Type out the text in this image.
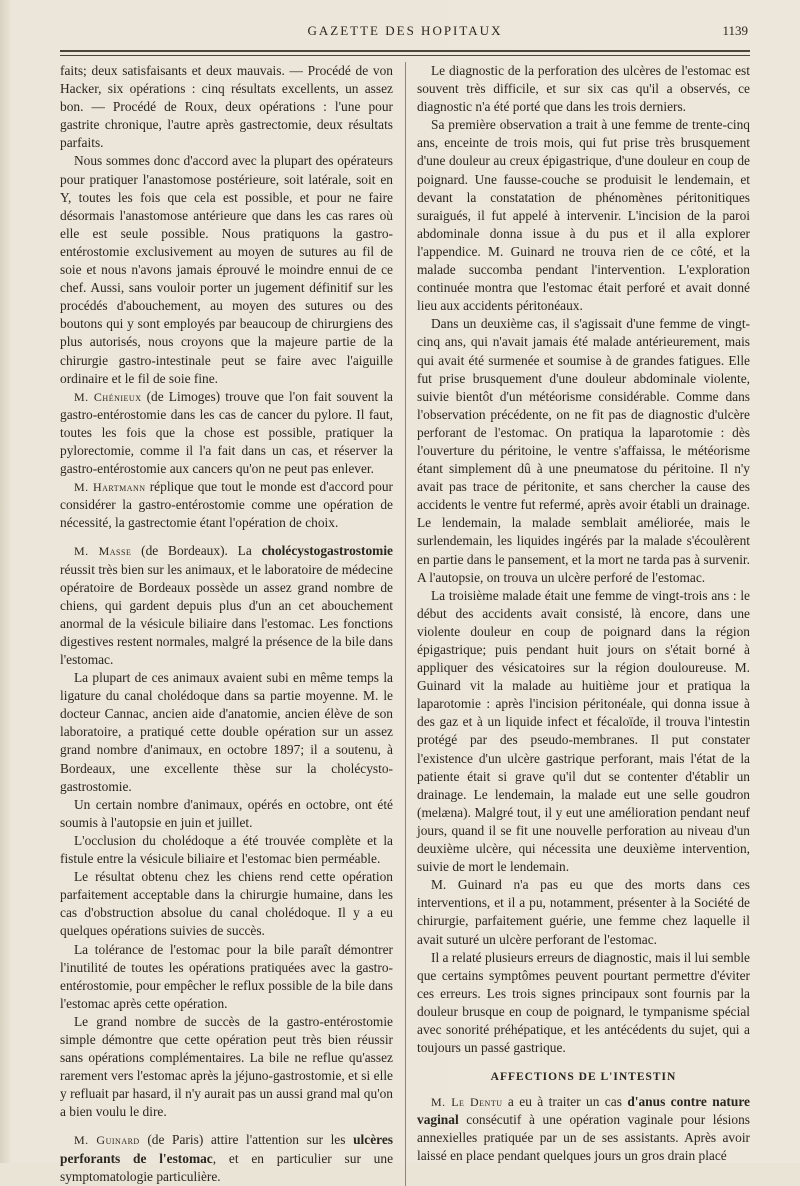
GAZETTE DES HOPITAUX	1139

faits; deux satisfaisants et deux mauvais. — Procédé de von Hacker, six opérations : cinq résultats excellents, un assez bon. — Procédé de Roux, deux opérations : l'une pour gastrite chronique, l'autre après gastrectomie, deux résultats parfaits.

Nous sommes donc d'accord avec la plupart des opérateurs pour pratiquer l'anastomose postérieure, soit latérale, soit en Y, toutes les fois que cela est possible, et pour ne faire désormais l'anastomose antérieure que dans les cas rares où elle est seule possible. Nous pratiquons la gastro-entérostomie exclusivement au moyen de sutures au fil de soie et nous n'avons jamais éprouvé le moindre ennui de ce chef. Aussi, sans vouloir porter un jugement définitif sur les procédés d'abouchement, au moyen des sutures ou des boutons qui y sont employés par beaucoup de chirurgiens des plus autorisés, nous croyons que la majeure partie de la chirurgie gastro-intestinale peut se faire avec l'aiguille ordinaire et le fil de soie fine.

M. Chénieux (de Limoges) trouve que l'on fait souvent la gastro-entérostomie dans les cas de cancer du pylore. Il faut, toutes les fois que la chose est possible, pratiquer la pylorectomie, comme il l'a fait dans un cas, et réserver la gastro-entérostomie aux cancers qu'on ne peut pas enlever.

M. Hartmann réplique que tout le monde est d'accord pour considérer la gastro-entérostomie comme une opération de nécessité, la gastrectomie étant l'opération de choix.

M. Masse (de Bordeaux). La cholécystogastrostomie réussit très bien sur les animaux, et le laboratoire de médecine opératoire de Bordeaux possède un assez grand nombre de chiens, qui gardent depuis plus d'un an cet abouchement anormal de la vésicule biliaire dans l'estomac. Les fonctions digestives restent normales, malgré la présence de la bile dans l'estomac.

La plupart de ces animaux avaient subi en même temps la ligature du canal cholédoque dans sa partie moyenne. M. le docteur Cannac, ancien aide d'anatomie, ancien élève de son laboratoire, a pratiqué cette double opération sur un assez grand nombre d'animaux, en octobre 1897; il a soutenu, à Bordeaux, une excellente thèse sur la cholécysto-gastrostomie.

Un certain nombre d'animaux, opérés en octobre, ont été soumis à l'autopsie en juin et juillet.

L'occlusion du cholédoque a été trouvée complète et la fistule entre la vésicule biliaire et l'estomac bien perméable.

Le résultat obtenu chez les chiens rend cette opération parfaitement acceptable dans la chirurgie humaine, dans les cas d'obstruction absolue du canal cholédoque. Il y a eu quelques opérations suivies de succès.

La tolérance de l'estomac pour la bile paraît démontrer l'inutilité de toutes les opérations pratiquées avec la gastro-entérostomie, pour empêcher le reflux possible de la bile dans l'estomac après cette opération.

Le grand nombre de succès de la gastro-entérostomie simple démontre que cette opération peut très bien réussir sans opérations complémentaires. La bile ne reflue qu'assez rarement vers l'estomac après la jéjuno-gastrostomie, et si elle y refluait par hasard, il n'y aurait pas un aussi grand mal qu'on a bien voulu le dire.

M. Guinard (de Paris) attire l'attention sur les ulcères perforants de l'estomac, et en particulier sur une symptomatologie particulière.

Le diagnostic de la perforation des ulcères de l'estomac est souvent très difficile, et sur six cas qu'il a observés, ce diagnostic n'a été porté que dans les trois derniers.

Sa première observation a trait à une femme de trente-cinq ans, enceinte de trois mois, qui fut prise très brusquement d'une douleur au creux épigastrique, d'une douleur en coup de poignard. Une fausse-couche se produisit le lendemain, et devant la constatation de phénomènes péritonitiques suraigués, il fut appelé à intervenir. L'incision de la paroi abdominale donna issue à du pus et il alla explorer l'appendice. M. Guinard ne trouva rien de ce côté, et la malade succomba pendant l'intervention. L'exploration continuée montra que l'estomac était perforé et avait donné lieu aux accidents péritonéaux.

Dans un deuxième cas, il s'agissait d'une femme de vingt-cinq ans, qui n'avait jamais été malade antérieurement, mais qui avait été surmenée et soumise à de grandes fatigues. Elle fut prise brusquement d'une douleur abdominale violente, suivie bientôt d'un météorisme considérable. Comme dans l'observation précédente, on ne fit pas de diagnostic d'ulcère perforant de l'estomac. On pratiqua la laparotomie : dès l'ouverture du péritoine, le ventre s'affaissa, le météorisme étant simplement dû à une pneumatose du péritoine. Il n'y avait pas trace de péritonite, et sans chercher la cause des accidents le ventre fut refermé, après avoir établi un drainage. Le lendemain, la malade semblait améliorée, mais le surlendemain, les liquides ingérés par la malade s'écoulèrent en partie dans le pansement, et la mort ne tarda pas à survenir. A l'autopsie, on trouva un ulcère perforé de l'estomac.

La troisième malade était une femme de vingt-trois ans : le début des accidents avait consisté, là encore, dans une violente douleur en coup de poignard dans la région épigastrique; puis pendant huit jours on s'était borné à appliquer des vésicatoires sur la région douloureuse. M. Guinard vit la malade au huitième jour et pratiqua la laparotomie : après l'incision péritonéale, qui donna issue à des gaz et à un liquide infect et fécaloïde, il trouva l'intestin protégé par des pseudo-membranes. Il put constater l'existence d'un ulcère gastrique perforant, mais l'état de la patiente était si grave qu'il dut se contenter d'établir un drainage. Le lendemain, la malade eut une selle goudron (melæna). Malgré tout, il y eut une amélioration pendant neuf jours, quand il se fit une nouvelle perforation au niveau d'un deuxième ulcère, qui nécessita une deuxième intervention, suivie de mort le lendemain.

M. Guinard n'a pas eu que des morts dans ces interventions, et il a pu, notamment, présenter à la Société de chirurgie, parfaitement guérie, une femme chez laquelle il avait suturé un ulcère perforant de l'estomac.

Il a relaté plusieurs erreurs de diagnostic, mais il lui semble que certains symptômes peuvent pourtant permettre d'éviter ces erreurs. Les trois signes principaux sont fournis par la douleur brusque en coup de poignard, le tympanisme spécial avec sonorité préhépatique, et les antécédents du sujet, qui a toujours un passé gastrique.

AFFECTIONS DE L'INTESTIN

M. Le Dentu a eu à traiter un cas d'anus contre nature vaginal consécutif à une opération vaginale pour lésions annexielles pratiquée par un de ses assistants. Après avoir laissé en place pendant quelques jours un gros drain placé
